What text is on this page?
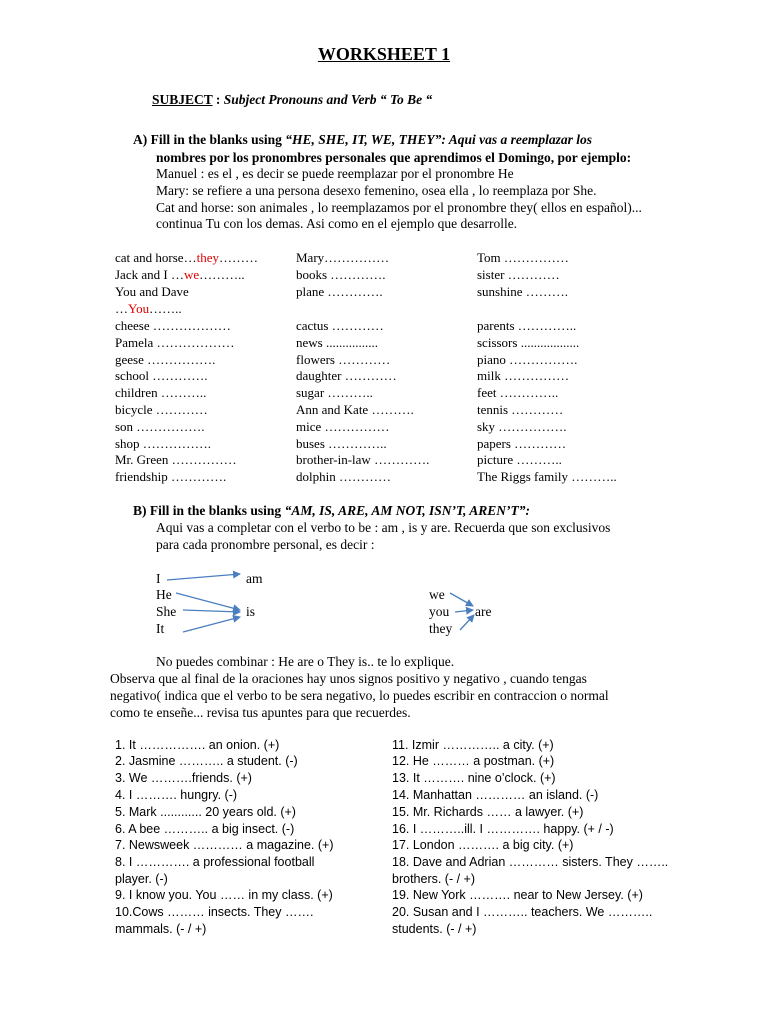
WORKSHEET 1
SUBJECT : Subject Pronouns and Verb “ To Be “
A) Fill in the blanks using “HE, SHE, IT, WE, THEY”: Aqui vas a reemplazar los
nombres por los pronombres personales que aprendimos el Domingo, por ejemplo:
Manuel : es el , es decir se puede reemplazar por el pronombre He
Mary: se refiere a una persona desexo femenino, osea ella , lo reemplaza por She.
Cat and horse: son animales , lo reemplazamos por el pronombre they( ellos en español)...
continua Tu con los demas. Asi como en el ejemplo que desarrolle.
cat and horse…they………
Jack and I …we………..
You and Dave
…You……..
cheese ………………
Pamela ………………
geese …………….
school ………….
children ………..
bicycle …………
son …………….
shop …………….
Mr. Green ……………
friendship ………….
Mary……………
books ………….
plane ………….
cactus …………
news ................
flowers …………
daughter …………
sugar ………..
Ann and Kate ……….
mice ……………
buses …………..
brother-in-law ………….
dolphin …………
Tom ……………
sister …………
sunshine ……….
parents …………..
scissors ..................
piano …………….
milk ……………
feet …………..
tennis …………
sky …………….
papers …………
picture ………..
The Riggs family ………..
B) Fill in the blanks using “AM, IS, ARE, AM NOT, ISN’T, AREN’T”:
Aqui vas a completar con el verbo to be : am , is y are. Recuerda que son exclusivos
para cada pronombre personal, es decir :
I
He
She
It
am
is
we
you
they
are
No puedes combinar : He are o They is.. te lo explique.
Observa que al final de la oraciones hay unos signos positivo y negativo , cuando tengas
negativo( indica que el verbo to be sera negativo, lo puedes escribir en contraccion o normal
como te enseñe... revisa tus apuntes para que recuerdes.
1. It ……………. an onion. (+)
2. Jasmine ……….. a student. (-)
3. We ……….friends. (+)
4. I ………. hungry. (-)
5. Mark ............ 20 years old. (+)
6. A bee ……….. a big insect. (-)
7. Newsweek ………… a magazine. (+)
8. I …………. a professional football
player. (-)
9. I know you. You …… in my class. (+)
10.Cows ……… insects. They …….
mammals. (- / +)
11. Izmir ………….. a city. (+)
12. He ……… a postman. (+)
13. It ………. nine o’clock. (+)
14. Manhattan ………… an island. (-)
15. Mr. Richards …… a lawyer. (+)
16. I ………..ill. I …………. happy. (+ / -)
17. London ………. a big city. (+)
18. Dave and Adrian ………… sisters. They ……..
brothers. (- / +)
19. New York ………. near to New Jersey. (+)
20. Susan and I ……….. teachers. We ………..
students. (- / +)
